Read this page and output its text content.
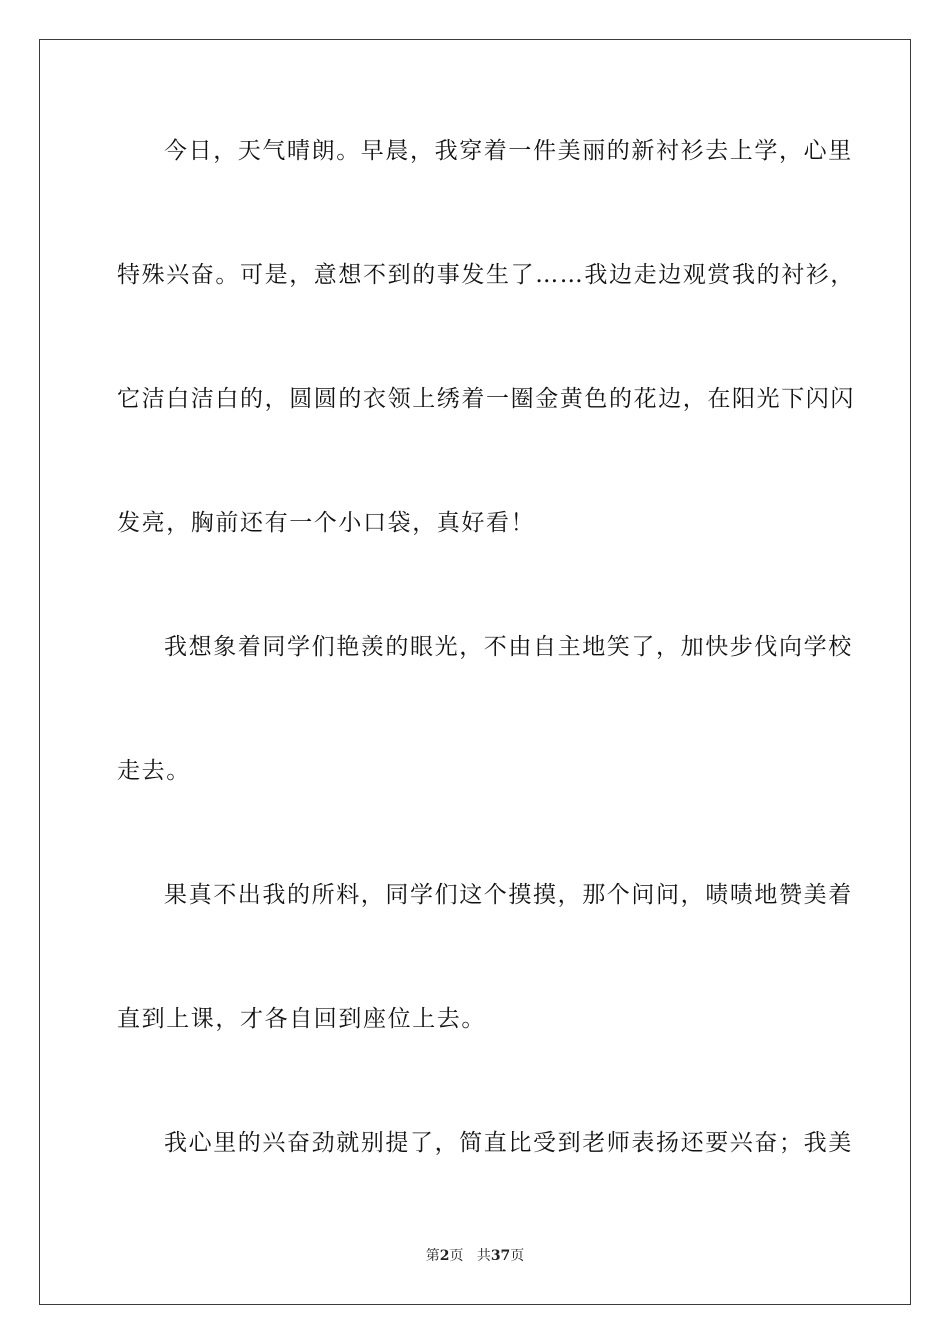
今日，天气晴朗。早晨，我穿着一件美丽的新衬衫去上学，心里
特殊兴奋。可是，意想不到的事发生了……我边走边观赏我的衬衫，
它洁白洁白的，圆圆的衣领上绣着一圈金黄色的花边，在阳光下闪闪
发亮，胸前还有一个小口袋，真好看！
我想象着同学们艳羡的眼光，不由自主地笑了，加快步伐向学校
走去。
果真不出我的所料，同学们这个摸摸，那个问问，啧啧地赞美着
直到上课，才各自回到座位上去。
我心里的兴奋劲就别提了，简直比受到老师表扬还要兴奋；我美
第2页 共37页
